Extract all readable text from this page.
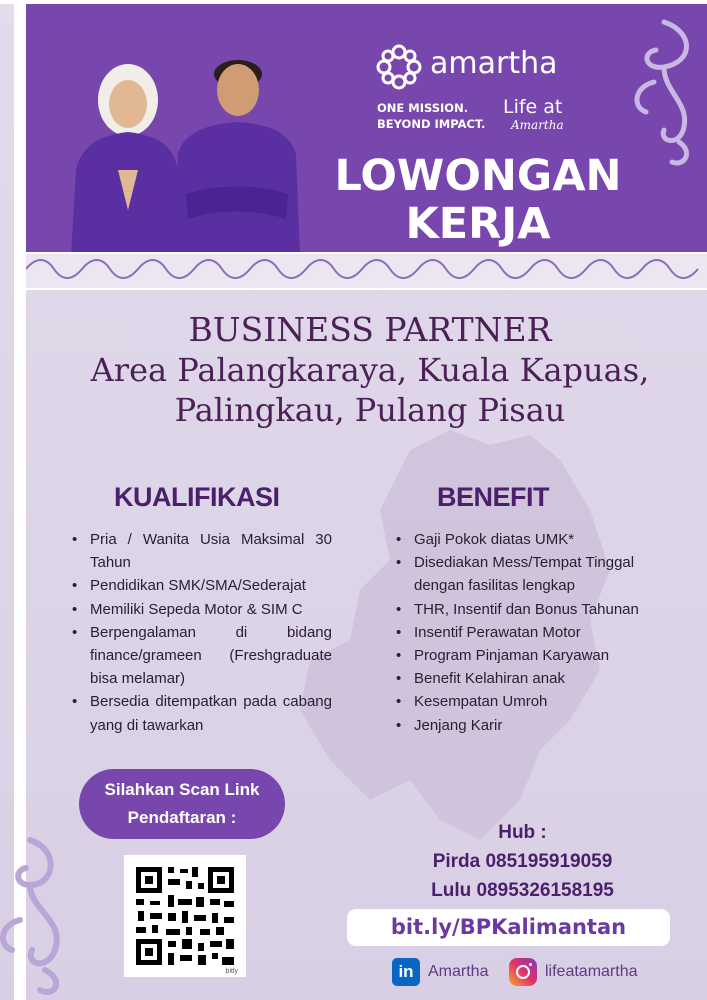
amartha
ONE MISSION.
BEYOND IMPACT.
Life at
Amartha
LOWONGAN
KERJA
BUSINESS PARTNER
Area Palangkaraya, Kuala Kapuas,
Palingkau, Pulang Pisau
KUALIFIKASI
• Pria / Wanita Usia Maksimal 30 Tahun
• Pendidikan SMK/SMA/Sederajat
• Memiliki Sepeda Motor & SIM C
• Berpengalaman di bidang finance/grameen (Freshgraduate bisa melamar)
• Bersedia ditempatkan pada cabang yang di tawarkan
BENEFIT
• Gaji Pokok diatas UMK*
• Disediakan Mess/Tempat Tinggal dengan fasilitas lengkap
• THR, Insentif dan Bonus Tahunan
• Insentif Perawatan Motor
• Program Pinjaman Karyawan
• Benefit Kelahiran anak
• Kesempatan Umroh
• Jenjang Karir
Silahkan Scan Link
Pendaftaran :
bitly
Hub :
Pirda 085195919059
Lulu 0895326158195
bit.ly/BPKalimantan
in Amartha	lifeatamartha
